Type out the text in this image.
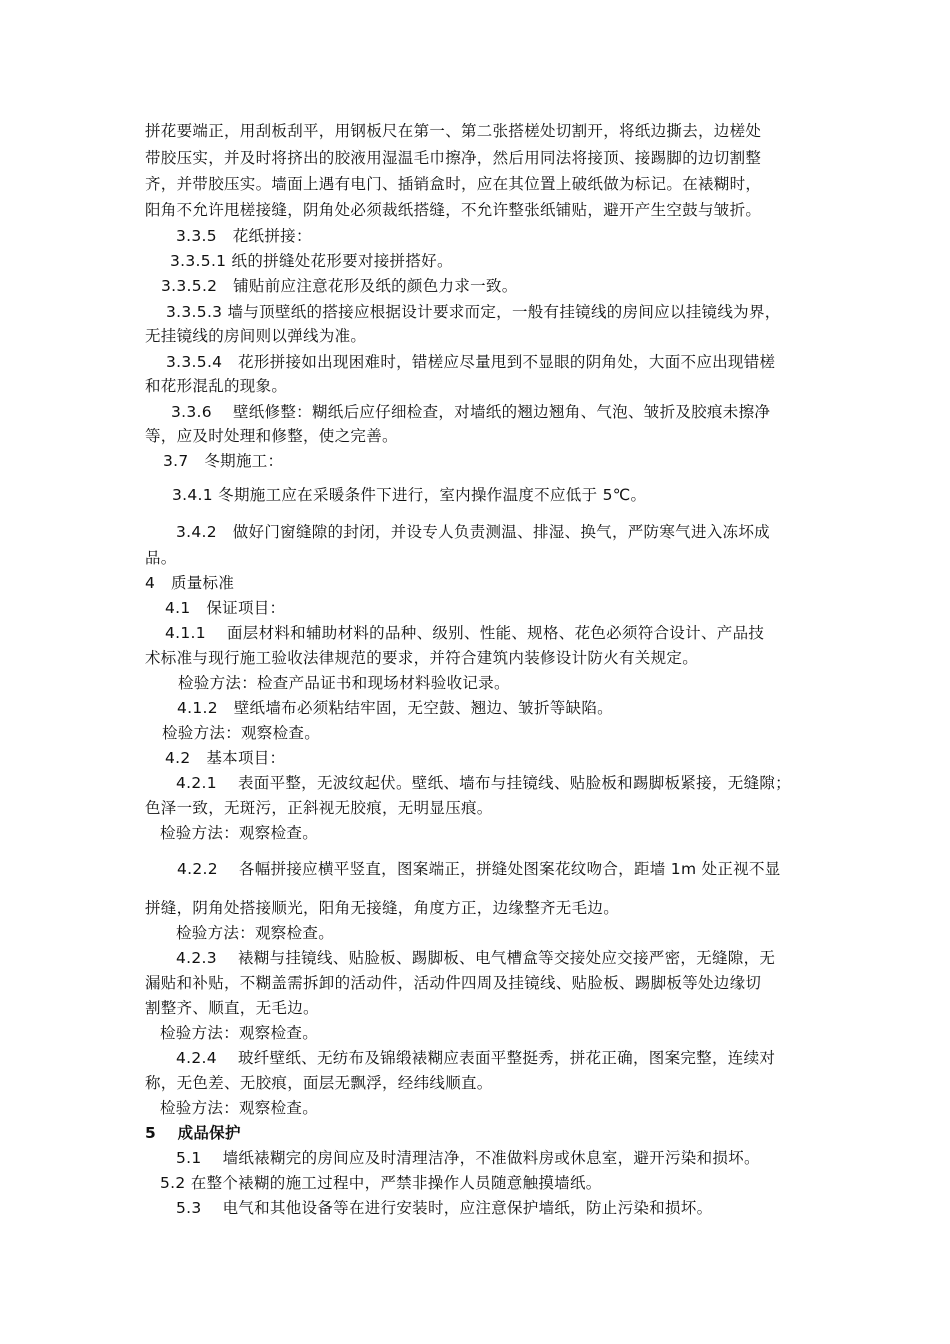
拼花要端正，用刮板刮平，用钢板尺在第一、第二张搭槎处切割开，将纸边撕去，边槎处
带胶压实，并及时将挤出的胶液用湿温毛巾擦净，然后用同法将接顶、接踢脚的边切割整
齐，并带胶压实。墙面上遇有电门、插销盒时，应在其位置上破纸做为标记。在裱糊时，
阳角不允许甩槎接缝，阴角处必须裁纸搭缝，不允许整张纸铺贴，避开产生空鼓与皱折。
3.3.5　花纸拼接：
3.3.5.1 纸的拼缝处花形要对接拼搭好。
3.3.5.2　铺贴前应注意花形及纸的颜色力求一致。
3.3.5.3 墙与顶壁纸的搭接应根据设计要求而定，一般有挂镜线的房间应以挂镜线为界，
无挂镜线的房间则以弹线为准。
3.3.5.4　花形拼接如出现困难时，错槎应尽量甩到不显眼的阴角处，大面不应出现错槎
和花形混乱的现象。
3.3.6　 壁纸修整：糊纸后应仔细检查，对墙纸的翘边翘角、气泡、皱折及胶痕未擦净
等，应及时处理和修整，使之完善。
3.7　冬期施工：
3.4.1 冬期施工应在采暖条件下进行，室内操作温度不应低于 5℃。
3.4.2　做好门窗缝隙的封闭，并设专人负责测温、排湿、换气，严防寒气进入冻坏成
品。
4　质量标准
4.1　保证项目：
4.1.1　 面层材料和辅助材料的品种、级别、性能、规格、花色必须符合设计、产品技
术标准与现行施工验收法律规范的要求，并符合建筑内装修设计防火有关规定。
检验方法：检查产品证书和现场材料验收记录。
4.1.2　壁纸墙布必须粘结牢固，无空鼓、翘边、皱折等缺陷。
检验方法：观察检查。
4.2　基本项目：
4.2.1　 表面平整，无波纹起伏。壁纸、墙布与挂镜线、贴脸板和踢脚板紧接，无缝隙；
色泽一致，无斑污，正斜视无胶痕，无明显压痕。
检验方法：观察检查。
4.2.2　 各幅拼接应横平竖直，图案端正，拼缝处图案花纹吻合，距墙 1m 处正视不显
拼缝，阴角处搭接顺光，阳角无接缝，角度方正，边缘整齐无毛边。
检验方法：观察检查。
4.2.3　 裱糊与挂镜线、贴脸板、踢脚板、电气槽盒等交接处应交接严密，无缝隙，无
漏贴和补贴，不糊盖需拆卸的活动件，活动件四周及挂镜线、贴脸板、踢脚板等处边缘切
割整齐、顺直，无毛边。
检验方法：观察检查。
4.2.4　 玻纤壁纸、无纺布及锦缎裱糊应表面平整挺秀，拼花正确，图案完整，连续对
称，无色差、无胶痕，面层无飘浮，经纬线顺直。
检验方法：观察检查。
5　 成品保护
5.1　 墙纸裱糊完的房间应及时清理洁净，不准做料房或休息室，避开污染和损坏。
5.2 在整个裱糊的施工过程中，严禁非操作人员随意触摸墙纸。
5.3　 电气和其他设备等在进行安装时，应注意保护墙纸，防止污染和损坏。
